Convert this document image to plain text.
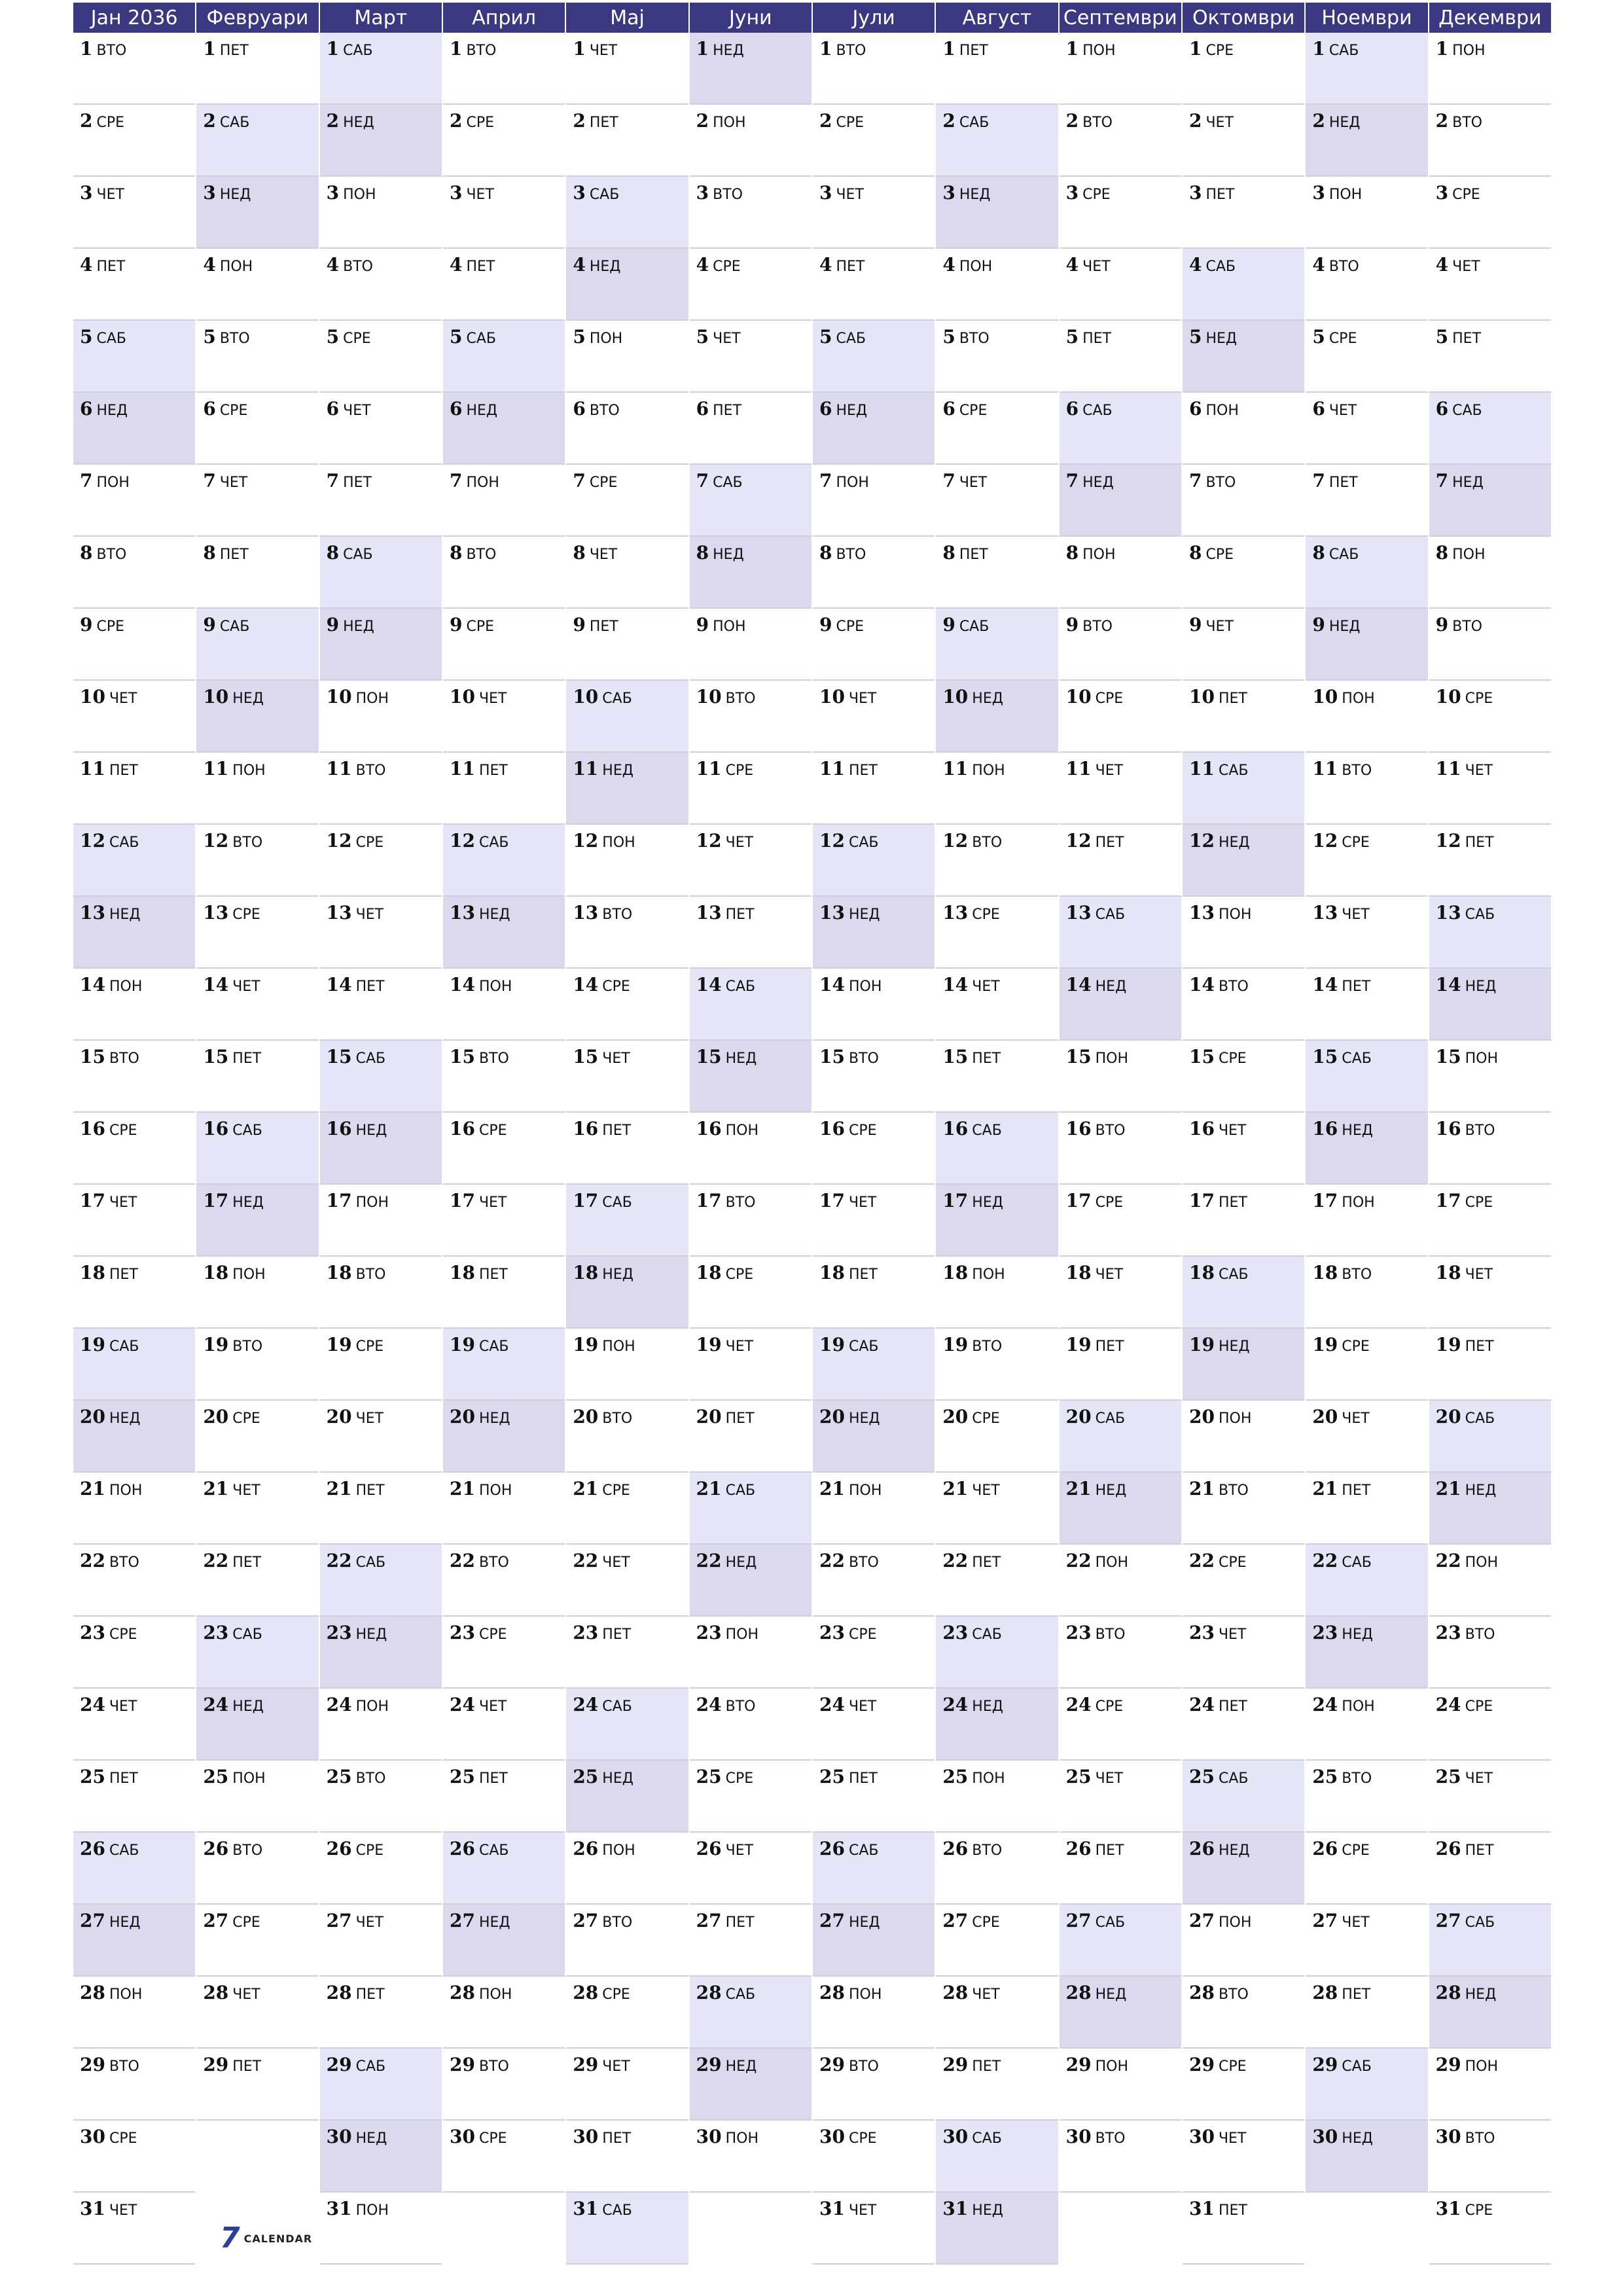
Јан 2036
1 ВТО
2 СРЕ
3 ЧЕТ
4 ПЕТ
5 САБ
6 НЕД
7 ПОН
8 ВТО
9 СРЕ
10 ЧЕТ
11 ПЕТ
12 САБ
13 НЕД
14 ПОН
15 ВТО
16 СРЕ
17 ЧЕТ
18 ПЕТ
19 САБ
20 НЕД
21 ПОН
22 ВТО
23 СРЕ
24 ЧЕТ
25 ПЕТ
26 САБ
27 НЕД
28 ПОН
29 ВТО
30 СРЕ
31 ЧЕТ
Февруари
1 ПЕТ
2 САБ
3 НЕД
4 ПОН
5 ВТО
6 СРЕ
7 ЧЕТ
8 ПЕТ
9 САБ
10 НЕД
11 ПОН
12 ВТО
13 СРЕ
14 ЧЕТ
15 ПЕТ
16 САБ
17 НЕД
18 ПОН
19 ВТО
20 СРЕ
21 ЧЕТ
22 ПЕТ
23 САБ
24 НЕД
25 ПОН
26 ВТО
27 СРЕ
28 ЧЕТ
29 ПЕТ
Март
1 САБ
2 НЕД
3 ПОН
4 ВТО
5 СРЕ
6 ЧЕТ
7 ПЕТ
8 САБ
9 НЕД
10 ПОН
11 ВТО
12 СРЕ
13 ЧЕТ
14 ПЕТ
15 САБ
16 НЕД
17 ПОН
18 ВТО
19 СРЕ
20 ЧЕТ
21 ПЕТ
22 САБ
23 НЕД
24 ПОН
25 ВТО
26 СРЕ
27 ЧЕТ
28 ПЕТ
29 САБ
30 НЕД
31 ПОН
Април
1 ВТО
2 СРЕ
3 ЧЕТ
4 ПЕТ
5 САБ
6 НЕД
7 ПОН
8 ВТО
9 СРЕ
10 ЧЕТ
11 ПЕТ
12 САБ
13 НЕД
14 ПОН
15 ВТО
16 СРЕ
17 ЧЕТ
18 ПЕТ
19 САБ
20 НЕД
21 ПОН
22 ВТО
23 СРЕ
24 ЧЕТ
25 ПЕТ
26 САБ
27 НЕД
28 ПОН
29 ВТО
30 СРЕ
Мај
1 ЧЕТ
2 ПЕТ
3 САБ
4 НЕД
5 ПОН
6 ВТО
7 СРЕ
8 ЧЕТ
9 ПЕТ
10 САБ
11 НЕД
12 ПОН
13 ВТО
14 СРЕ
15 ЧЕТ
16 ПЕТ
17 САБ
18 НЕД
19 ПОН
20 ВТО
21 СРЕ
22 ЧЕТ
23 ПЕТ
24 САБ
25 НЕД
26 ПОН
27 ВТО
28 СРЕ
29 ЧЕТ
30 ПЕТ
31 САБ
Јуни
1 НЕД
2 ПОН
3 ВТО
4 СРЕ
5 ЧЕТ
6 ПЕТ
7 САБ
8 НЕД
9 ПОН
10 ВТО
11 СРЕ
12 ЧЕТ
13 ПЕТ
14 САБ
15 НЕД
16 ПОН
17 ВТО
18 СРЕ
19 ЧЕТ
20 ПЕТ
21 САБ
22 НЕД
23 ПОН
24 ВТО
25 СРЕ
26 ЧЕТ
27 ПЕТ
28 САБ
29 НЕД
30 ПОН
Јули
1 ВТО
2 СРЕ
3 ЧЕТ
4 ПЕТ
5 САБ
6 НЕД
7 ПОН
8 ВТО
9 СРЕ
10 ЧЕТ
11 ПЕТ
12 САБ
13 НЕД
14 ПОН
15 ВТО
16 СРЕ
17 ЧЕТ
18 ПЕТ
19 САБ
20 НЕД
21 ПОН
22 ВТО
23 СРЕ
24 ЧЕТ
25 ПЕТ
26 САБ
27 НЕД
28 ПОН
29 ВТО
30 СРЕ
31 ЧЕТ
Август
1 ПЕТ
2 САБ
3 НЕД
4 ПОН
5 ВТО
6 СРЕ
7 ЧЕТ
8 ПЕТ
9 САБ
10 НЕД
11 ПОН
12 ВТО
13 СРЕ
14 ЧЕТ
15 ПЕТ
16 САБ
17 НЕД
18 ПОН
19 ВТО
20 СРЕ
21 ЧЕТ
22 ПЕТ
23 САБ
24 НЕД
25 ПОН
26 ВТО
27 СРЕ
28 ЧЕТ
29 ПЕТ
30 САБ
31 НЕД
Септември
1 ПОН
2 ВТО
3 СРЕ
4 ЧЕТ
5 ПЕТ
6 САБ
7 НЕД
8 ПОН
9 ВТО
10 СРЕ
11 ЧЕТ
12 ПЕТ
13 САБ
14 НЕД
15 ПОН
16 ВТО
17 СРЕ
18 ЧЕТ
19 ПЕТ
20 САБ
21 НЕД
22 ПОН
23 ВТО
24 СРЕ
25 ЧЕТ
26 ПЕТ
27 САБ
28 НЕД
29 ПОН
30 ВТО
Октомври
1 СРЕ
2 ЧЕТ
3 ПЕТ
4 САБ
5 НЕД
6 ПОН
7 ВТО
8 СРЕ
9 ЧЕТ
10 ПЕТ
11 САБ
12 НЕД
13 ПОН
14 ВТО
15 СРЕ
16 ЧЕТ
17 ПЕТ
18 САБ
19 НЕД
20 ПОН
21 ВТО
22 СРЕ
23 ЧЕТ
24 ПЕТ
25 САБ
26 НЕД
27 ПОН
28 ВТО
29 СРЕ
30 ЧЕТ
31 ПЕТ
Ноември
1 САБ
2 НЕД
3 ПОН
4 ВТО
5 СРЕ
6 ЧЕТ
7 ПЕТ
8 САБ
9 НЕД
10 ПОН
11 ВТО
12 СРЕ
13 ЧЕТ
14 ПЕТ
15 САБ
16 НЕД
17 ПОН
18 ВТО
19 СРЕ
20 ЧЕТ
21 ПЕТ
22 САБ
23 НЕД
24 ПОН
25 ВТО
26 СРЕ
27 ЧЕТ
28 ПЕТ
29 САБ
30 НЕД
Декември
1 ПОН
2 ВТО
3 СРЕ
4 ЧЕТ
5 ПЕТ
6 САБ
7 НЕД
8 ПОН
9 ВТО
10 СРЕ
11 ЧЕТ
12 ПЕТ
13 САБ
14 НЕД
15 ПОН
16 ВТО
17 СРЕ
18 ЧЕТ
19 ПЕТ
20 САБ
21 НЕД
22 ПОН
23 ВТО
24 СРЕ
25 ЧЕТ
26 ПЕТ
27 САБ
28 НЕД
29 ПОН
30 ВТО
31 СРЕ
7 CALENDAR
